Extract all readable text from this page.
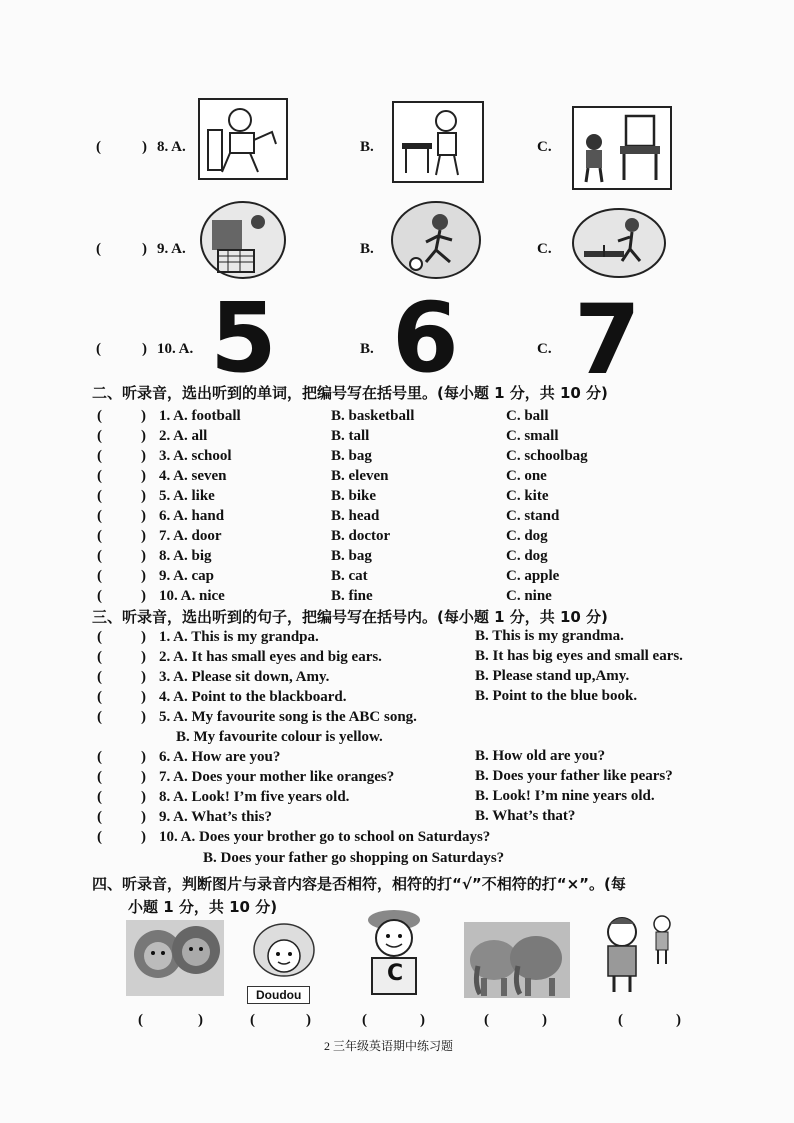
(	) 8. A.	B.	C.
(	) 9. A.	B.	C.
(	) 10. A. 5	B. 6	C. 7
二、听录音，选出听到的单词，把编号写在括号里。(每小题 1 分，共 10 分)
(	) 1. A. football	B. basketball	C. ball
(	) 2. A. all	B. tall	C. small
(	) 3. A. school	B. bag	C. schoolbag
(	) 4. A. seven	B. eleven	C. one
(	) 5. A. like	B. bike	C. kite
(	) 6. A. hand	B. head	C. stand
(	) 7. A. door	B. doctor	C. dog
(	) 8. A. big	B. bag	C. dog
(	) 9. A. cap	B. cat	C. apple
(	) 10. A. nice	B. fine	C. nine
三、听录音，选出听到的句子，把编号写在括号内。(每小题 1 分，共 10 分)
(	) 1. A. This is my grandpa.	B. This is my grandma.
(	) 2. A. It has small eyes and big ears.	B. It has big eyes and small ears.
(	) 3. A. Please sit down, Amy.	B. Please stand up,Amy.
(	) 4. A. Point to the blackboard.	B. Point to the blue book.
(	) 5. A. My favourite song is the ABC song.
B. My favourite colour is yellow.
(	) 6. A. How are you?	B. How old are you?
(	) 7. A. Does your mother like oranges?	B. Does your father like pears?
(	) 8. A. Look! I’m five years old.	B. Look! I’m nine years old.
(	) 9. A. What’s this?	B. What’s that?
(	) 10. A. Does your brother go to school on Saturdays?
B. Does your father go shopping on Saturdays?
四、听录音，判断图片与录音内容是否相符，相符的打“√”不相符的打“×”。(每
小题 1 分，共 10 分)
Doudou
C
(	)	(	)	(	)	(	)	(	)
2 三年级英语期中练习题
